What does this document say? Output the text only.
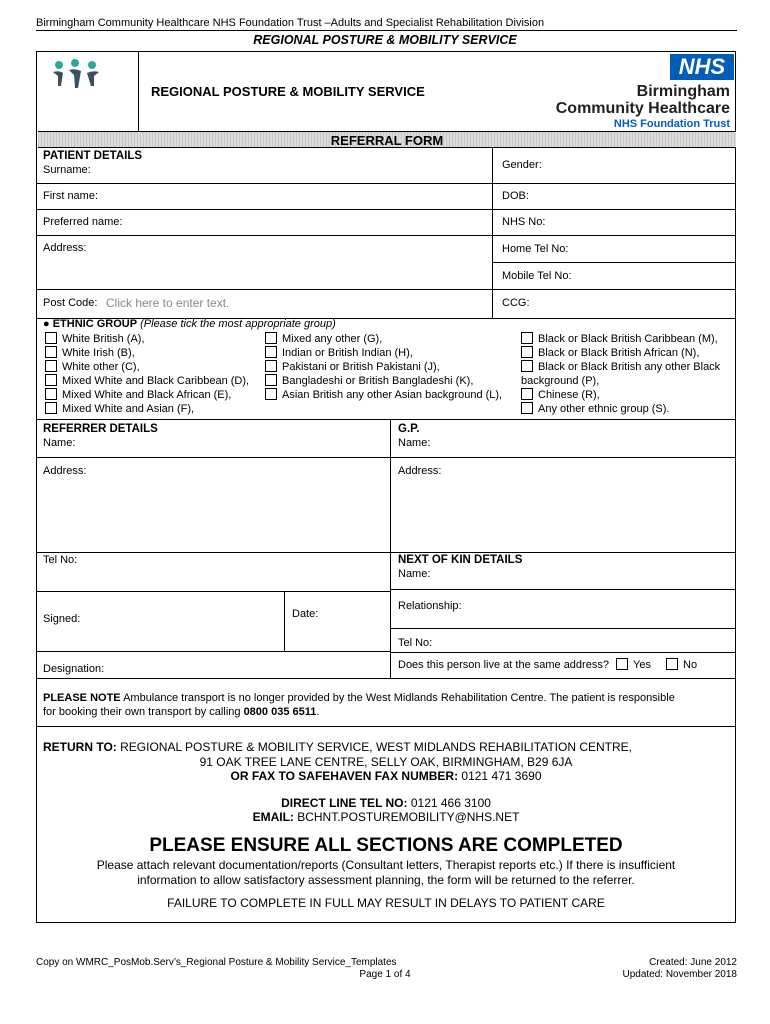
Birmingham Community Healthcare NHS Foundation Trust –Adults and Specialist Rehabilitation Division
REGIONAL POSTURE & MOBILITY SERVICE
REGIONAL POSTURE & MOBILITY SERVICE
NHS
Birmingham
Community Healthcare
NHS Foundation Trust
REFERRAL FORM
PATIENT DETAILS
Surname:	Gender:
First name:	DOB:
Preferred name:	NHS No:
Address:	Home Tel No:
Mobile Tel No:
Post Code: Click here to enter text.	CCG:
● ETHNIC GROUP (Please tick the most appropriate group)
White British (A),
White Irish (B),
White other (C),
Mixed White and Black Caribbean (D),
Mixed White and Black African (E),
Mixed White and Asian (F),
Mixed any other (G),
Indian or British Indian (H),
Pakistani or British Pakistani (J),
Bangladeshi or British Bangladeshi (K),
Asian British any other Asian background (L),
Black or Black British Caribbean (M),
Black or Black British African (N),
Black or Black British any other Black
background (P),
Chinese (R),
Any other ethnic group (S).
REFERRER DETAILS
Name:
G.P.
Name:
Address:	Address:
Tel No:	NEXT OF KIN DETAILS
Name:
Relationship:
Signed:	Date:
Tel No:
Does this person live at the same address? Yes	No
Designation:
PLEASE NOTE Ambulance transport is no longer provided by the West Midlands Rehabilitation Centre. The patient is responsible
for booking their own transport by calling 0800 035 6511.
RETURN TO: REGIONAL POSTURE & MOBILITY SERVICE, WEST MIDLANDS REHABILITATION CENTRE,
91 OAK TREE LANE CENTRE, SELLY OAK, BIRMINGHAM, B29 6JA
OR FAX TO SAFEHAVEN FAX NUMBER: 0121 471 3690
DIRECT LINE TEL NO: 0121 466 3100
EMAIL: BCHNT.POSTUREMOBILITY@NHS.NET
PLEASE ENSURE ALL SECTIONS ARE COMPLETED
Please attach relevant documentation/reports (Consultant letters, Therapist reports etc.) If there is insufficient
information to allow satisfactory assessment planning, the form will be returned to the referrer.
FAILURE TO COMPLETE IN FULL MAY RESULT IN DELAYS TO PATIENT CARE
Copy on WMRC_PosMob.Serv’s_Regional Posture & Mobility Service_Templates
Page 1 of 4
Created: June 2012
Updated: November 2018
